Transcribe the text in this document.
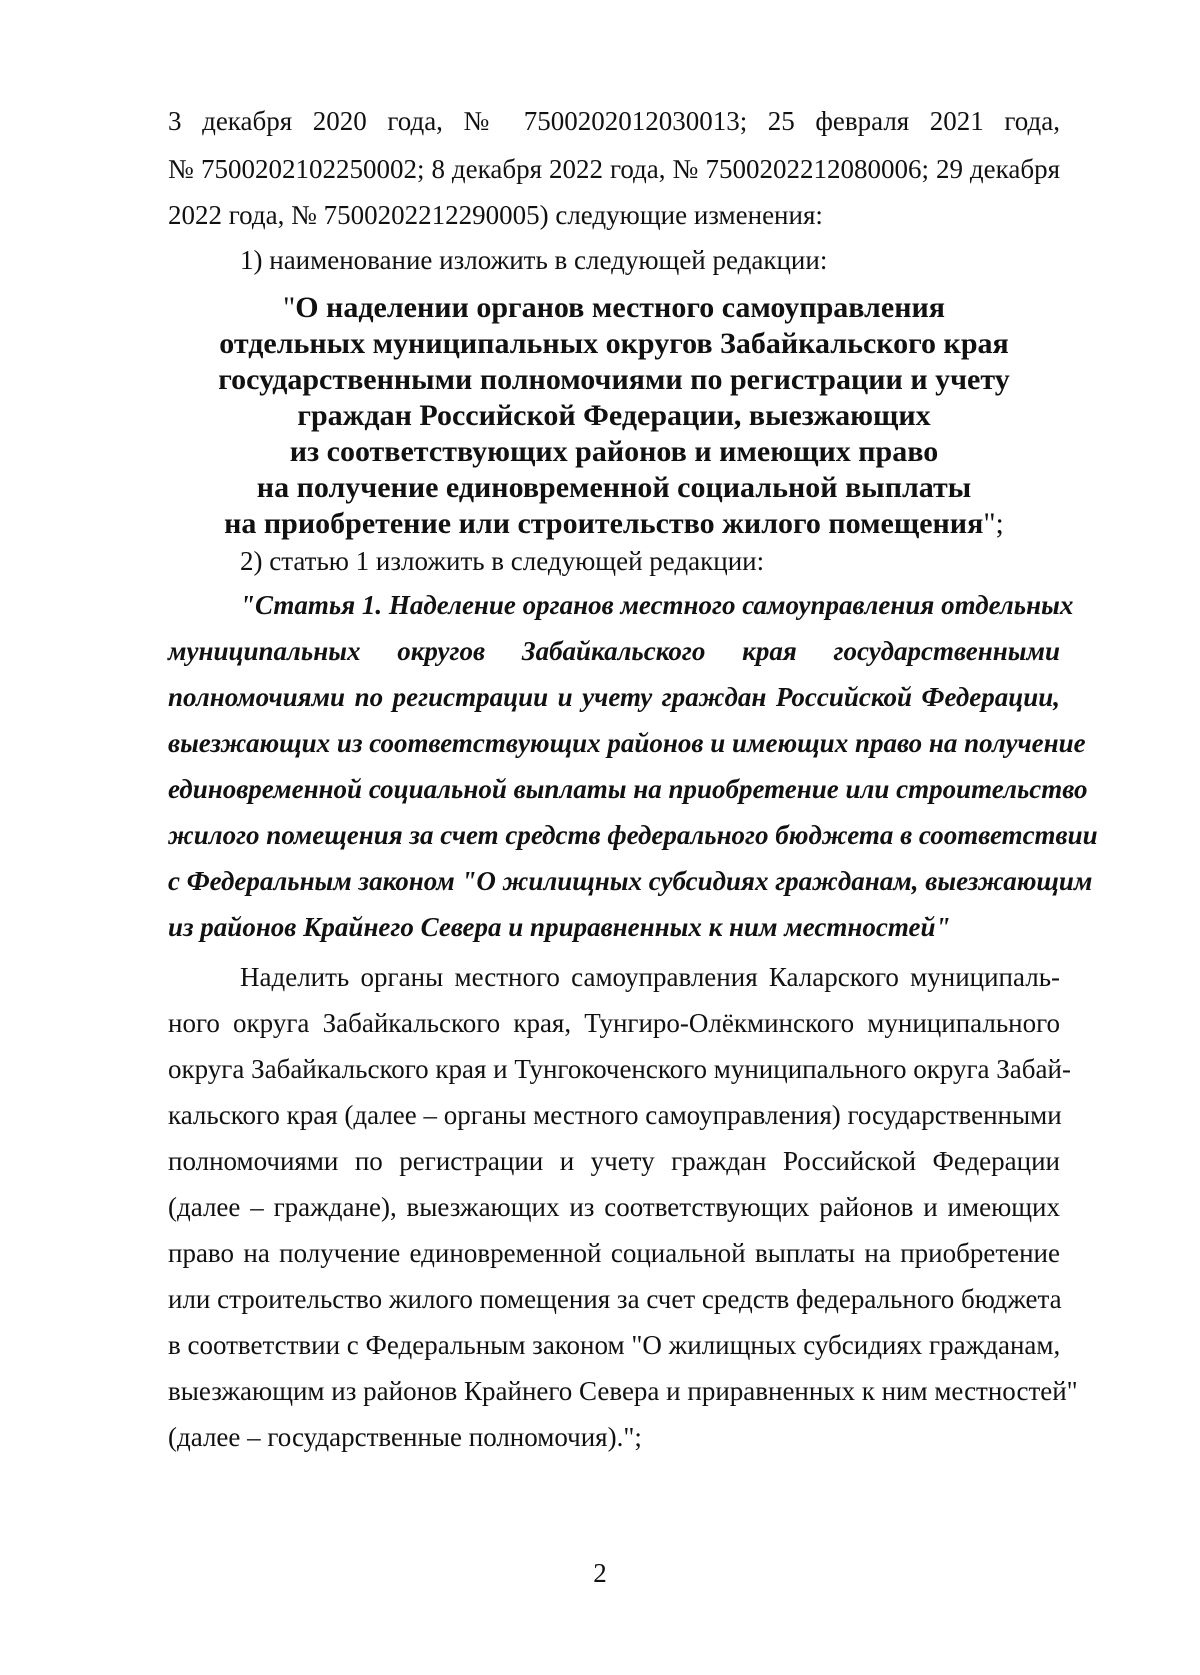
3 декабря 2020 года, № 7500202012030013; 25 февраля 2021 года,
№ 7500202102250002; 8 декабря 2022 года, № 7500202212080006; 29 декабря
2022 года, № 7500202212290005) следующие изменения:
1) наименование изложить в следующей редакции:
"О наделении органов местного самоуправления
отдельных муниципальных округов Забайкальского края
государственными полномочиями по регистрации и учету
граждан Российской Федерации, выезжающих
из соответствующих районов и имеющих право
на получение единовременной социальной выплаты
на приобретение или строительство жилого помещения";
2) статью 1 изложить в следующей редакции:
"Статья 1. Наделение органов местного самоуправления отдельных
муниципальных округов Забайкальского края государственными
полномочиями по регистрации и учету граждан Российской Федерации,
выезжающих из соответствующих районов и имеющих право на получение
единовременной социальной выплаты на приобретение или строительство
жилого помещения за счет средств федерального бюджета в соответствии
с Федеральным законом "О жилищных субсидиях гражданам, выезжающим
из районов Крайнего Севера и приравненных к ним местностей"
Наделить органы местного самоуправления Каларского муниципаль-
ного округа Забайкальского края, Тунгиро-Олёкминского муниципального
округа Забайкальского края и Тунгокоченского муниципального округа Забай-
кальского края (далее – органы местного самоуправления) государственными
полномочиями по регистрации и учету граждан Российской Федерации
(далее – граждане), выезжающих из соответствующих районов и имеющих
право на получение единовременной социальной выплаты на приобретение
или строительство жилого помещения за счет средств федерального бюджета
в соответствии с Федеральным законом "О жилищных субсидиях гражданам,
выезжающим из районов Крайнего Севера и приравненных к ним местностей"
(далее – государственные полномочия).";
2
